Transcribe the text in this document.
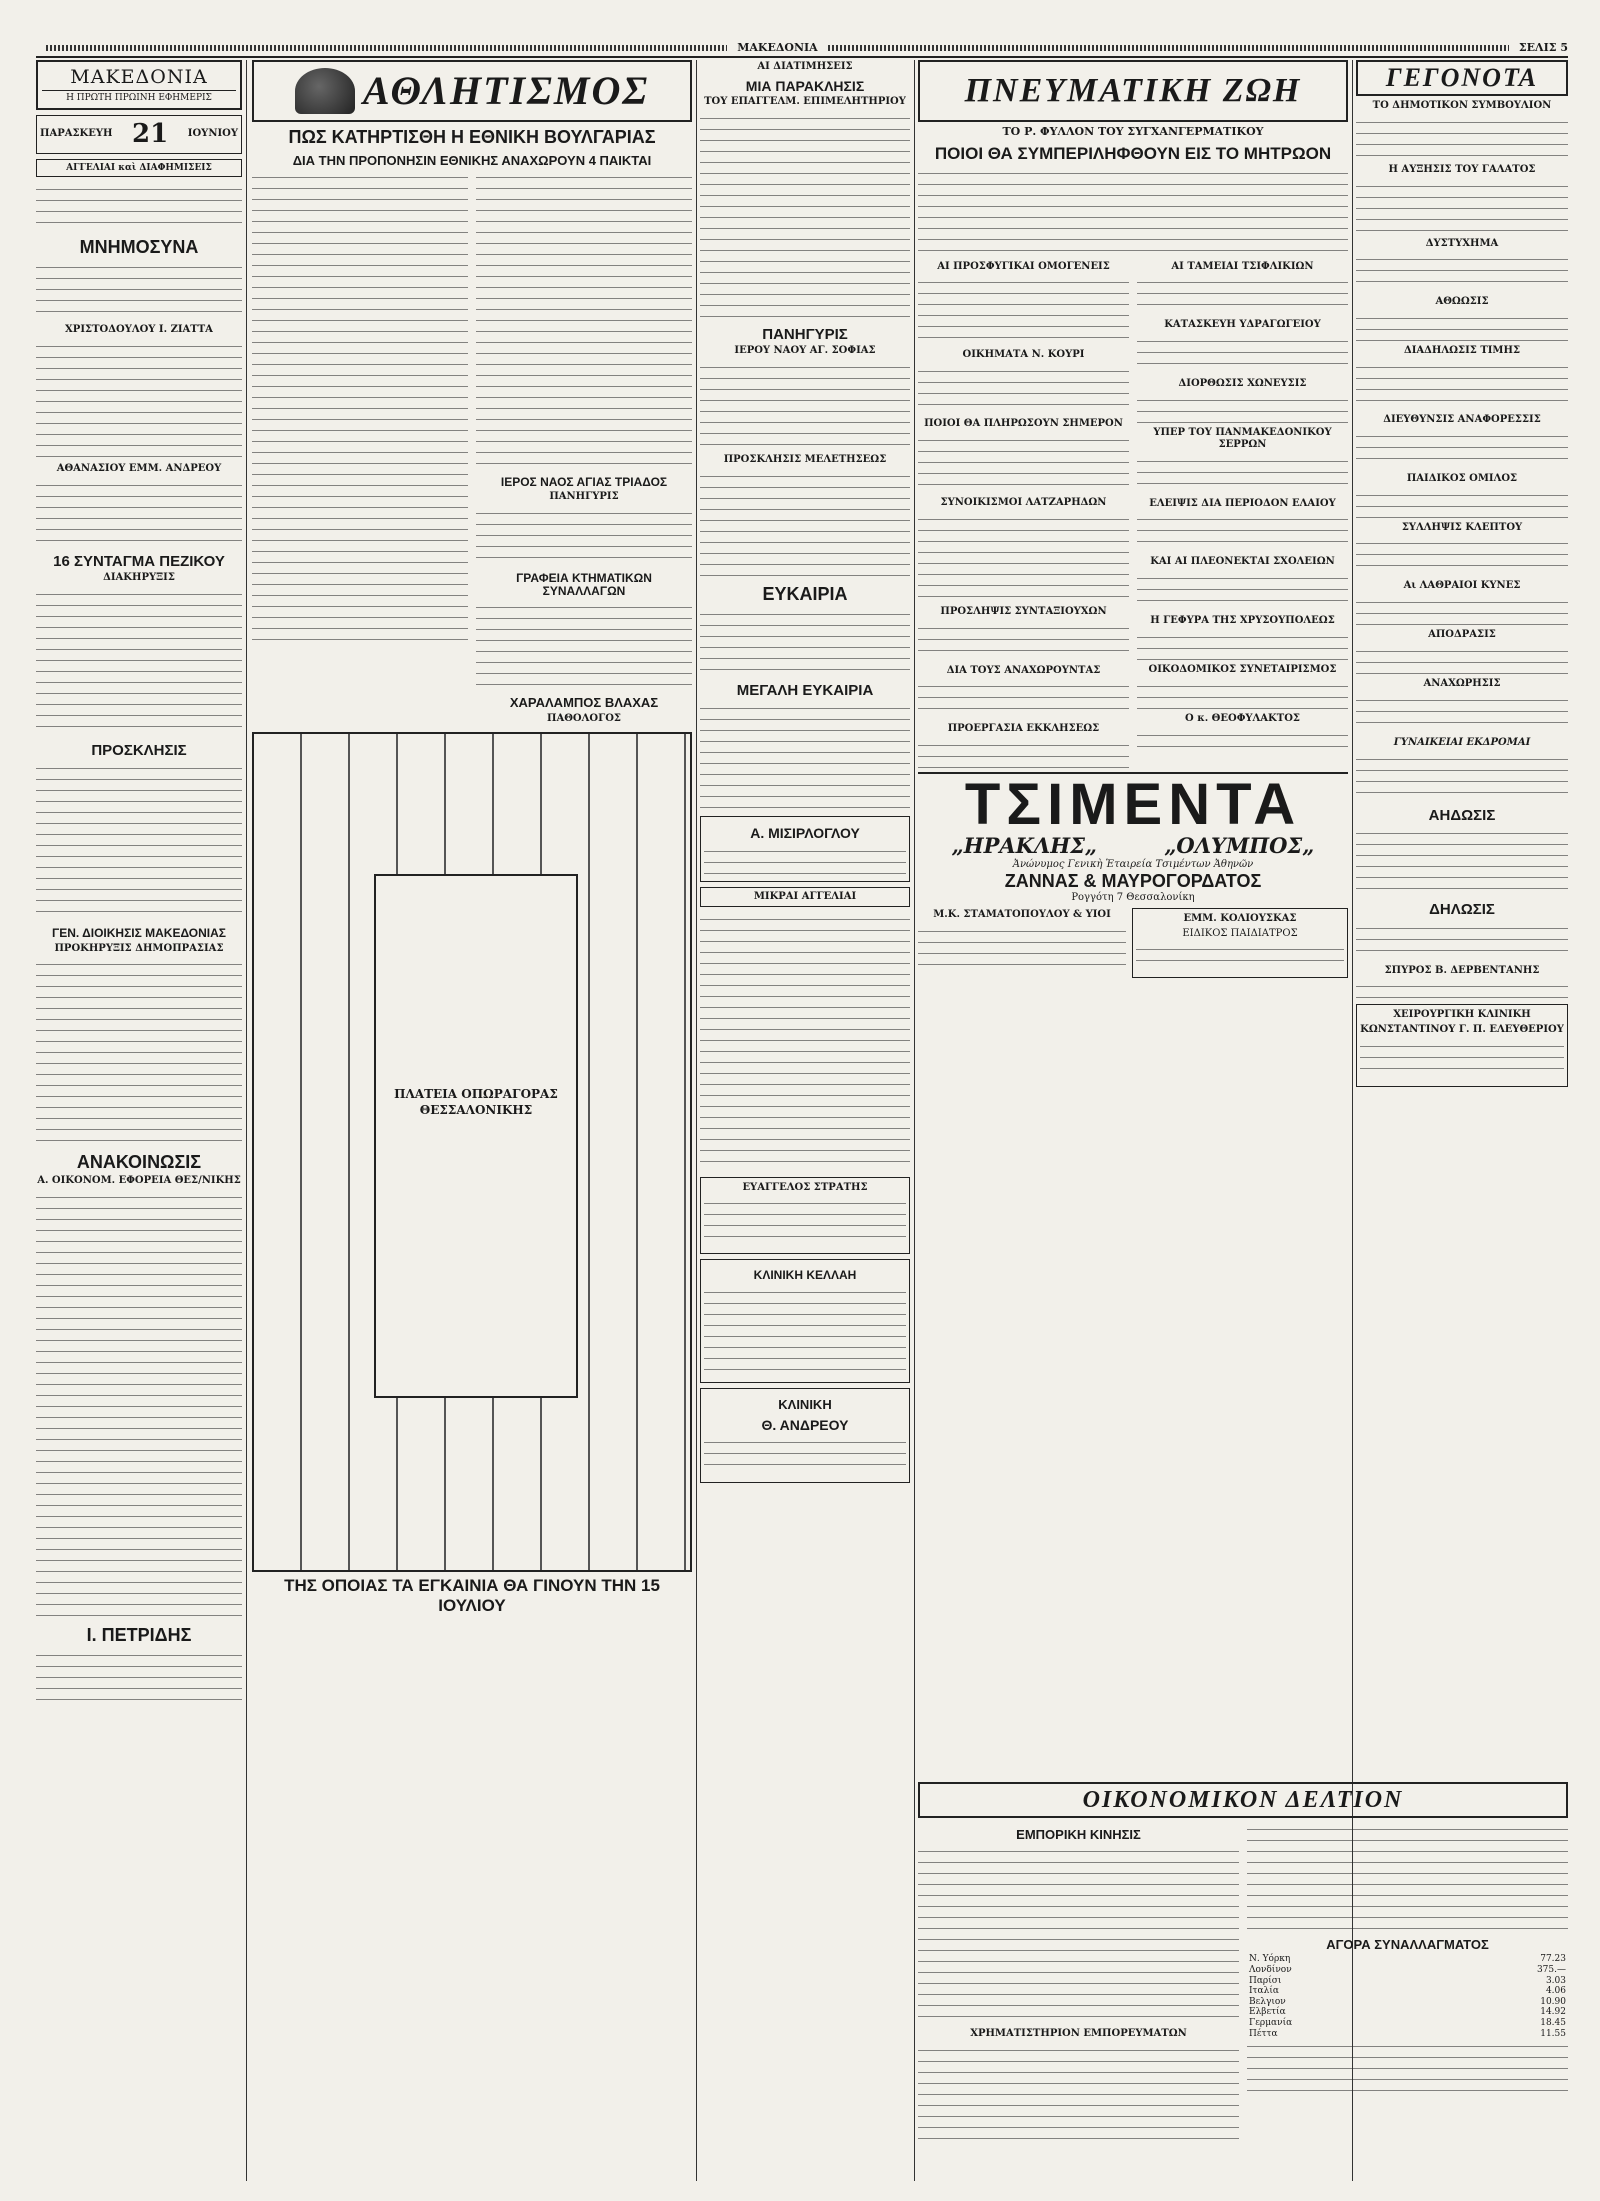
ΜΑΚΕΔΟΝΙΑ	ΣΕΛΙΣ 5
ΜΑΚΕΔΟΝΙΑ
Η ΠΡΩΤΗ ΠΡΩΙΝΗ ΕΦΗΜΕΡΙΣ
ΠΑΡΑΣΚΕΥΗ 21 ΙΟΥΝΙΟΥ
ΑΓΓΕΛΙΑΙ καὶ ΔΙΑΦΗΜΙΣΕΙΣ
ΜΝΗΜΟΣΥΝΑ
ΧΡΙΣΤΟΔΟΥΛΟΥ Ι. ΖΙΑΤΤΑ
ΑΘΑΝΑΣΙΟΥ ΕΜΜ. ΑΝΔΡΕΟΥ
16 ΣΥΝΤΑΓΜΑ ΠΕΖΙΚΟΥ
ΔΙΑΚΗΡΥΞΙΣ
ΠΡΟΣΚΛΗΣΙΣ
ΓΕΝ. ΔΙΟΙΚΗΣΙΣ ΜΑΚΕΔΟΝΙΑΣ
ΠΡΟΚΗΡΥΞΙΣ ΔΗΜΟΠΡΑΣΙΑΣ
ΑΝΑΚΟΙΝΩΣΙΣ
Α. ΟΙΚΟΝΟΜ. ΕΦΟΡΕΙΑ ΘΕΣ/ΝΙΚΗΣ
Ι. ΠΕΤΡΙΔΗΣ
ΑΘΛΗΤΙΣΜΟΣ
ΠΩΣ ΚΑΤΗΡΤΙΣΘΗ Η ΕΘΝΙΚΗ ΒΟΥΛΓΑΡΙΑΣ
ΔΙΑ ΤΗΝ ΠΡΟΠΟΝΗΣΙΝ ΕΘΝΙΚΗΣ ΑΝΑΧΩΡΟΥΝ 4 ΠΑΙΚΤΑΙ
ΙΕΡΟΣ ΝΑΟΣ ΑΓΙΑΣ ΤΡΙΑΔΟΣ
ΠΑΝΗΓΥΡΙΣ
ΓΡΑΦΕΙΑ ΚΤΗΜΑΤΙΚΩΝ ΣΥΝΑΛΛΑΓΩΝ
ΧΑΡΑΛΑΜΠΟΣ ΒΛΑΧΑΣ
ΠΑΘΟΛΟΓΟΣ
ΠΛΑΤΕΙΑ ΟΠΩΡΑΓΟΡΑΣ ΘΕΣΣΑΛΟΝΙΚΗΣ
ΤΗΣ ΟΠΟΙΑΣ ΤΑ ΕΓΚΑΙΝΙΑ ΘΑ ΓΙΝΟΥΝ ΤΗΝ 15 ΙΟΥΛΙΟΥ
ΑΙ ΔΙΑΤΙΜΗΣΕΙΣ
ΜΙΑ ΠΑΡΑΚΛΗΣΙΣ
ΤΟΥ ΕΠΑΓΓΕΛΜ. ΕΠΙΜΕΛΗΤΗΡΙΟΥ
ΠΑΝΗΓΥΡΙΣ
ΙΕΡΟΥ ΝΑΟΥ ΑΓ. ΣΟΦΙΑΣ
ΠΡΟΣΚΛΗΣΙΣ ΜΕΛΕΤΗΣΕΩΣ
ΕΥΚΑΙΡΙΑ
ΜΕΓΑΛΗ ΕΥΚΑΙΡΙΑ
Α. ΜΙΣΙΡΛΟΓΛΟΥ
ΜΙΚΡΑΙ ΑΓΓΕΛΙΑΙ
ΕΥΑΓΓΕΛΟΣ ΣΤΡΑΤΗΣ
ΚΛΙΝΙΚΗ ΚΕΛΛΑΗ
ΚΛΙΝΙΚΗ
Θ. ΑΝΔΡΕΟΥ
ΠΝΕΥΜΑΤΙΚΗ ΖΩΗ
ΤΟ Ρ. ΦΥΛΛΟΝ ΤΟΥ ΣΥΓΧΑΝΓΕΡΜΑΤΙΚΟΥ
ΠΟΙΟΙ ΘΑ ΣΥΜΠΕΡΙΛΗΦΘΟΥΝ ΕΙΣ ΤΟ ΜΗΤΡΩΟΝ
ΑΙ ΠΡΟΣΦΥΓΙΚΑΙ ΟΜΟΓΕΝΕΙΣ
ΟΙΚΗΜΑΤΑ Ν. ΚΟΥΡΙ
ΠΟΙΟΙ ΘΑ ΠΛΗΡΩΣΟΥΝ ΣΗΜΕΡΟΝ
ΣΥΝΟΙΚΙΣΜΟΙ ΛΑΤΖΑΡΗΔΩΝ
ΠΡΟΣΛΗΨΙΣ ΣΥΝΤΑΞΙΟΥΧΩΝ
ΔΙΑ ΤΟΥΣ ΑΝΑΧΩΡΟΥΝΤΑΣ
ΠΡΟΕΡΓΑΣΙΑ ΕΚΚΛΗΣΕΩΣ
ΑΙ ΤΑΜΕΙΑΙ ΤΣΙΦΛΙΚΙΩΝ
ΚΑΤΑΣΚΕΥΗ ΥΔΡΑΓΩΓΕΙΟΥ
ΔΙΟΡΘΩΣΙΣ ΧΩΝΕΥΣΙΣ
ΥΠΕΡ ΤΟΥ ΠΑΝΜΑΚΕΔΟΝΙΚΟΥ ΣΕΡΡΩΝ
ΕΛΕΙΨΙΣ ΔΙΑ ΠΕΡΙΟΔΟΝ ΕΛΑΙΟΥ
ΚΑΙ ΑΙ ΠΛΕΟΝΕΚΤΑΙ ΣΧΟΛΕΙΩΝ
Η ΓΕΦΥΡΑ ΤΗΣ ΧΡΥΣΟΥΠΟΛΕΩΣ
ΟΙΚΟΔΟΜΙΚΟΣ ΣΥΝΕΤΑΙΡΙΣΜΟΣ
Ο κ. ΘΕΟΦΥΛΑΚΤΟΣ
ΤΣΙΜΕΝΤΑ
„ΗΡΑΚΛΗΣ„	„ΟΛΥΜΠΟΣ„
Ἀνώνυμος Γενικὴ Ἑταιρεία Τσιμέντων Ἀθηνῶν
ΖΑΝΝΑΣ & ΜΑΥΡΟΓΟΡΔΑΤΟΣ
Ρογγότη 7 Θεσσαλονίκη
Μ.Κ. ΣΤΑΜΑΤΟΠΟΥΛΟΥ & ΥΙΟΙ	ΕΜΜ. ΚΟΛΙΟΥΣΚΑΣ
ΕΙΔΙΚΟΣ ΠΑΙΔΙΑΤΡΟΣ
ΓΕΓΟΝΟΤΑ
ΤΟ ΔΗΜΟΤΙΚΟΝ ΣΥΜΒΟΥΛΙΟΝ
Η ΑΥΞΗΣΙΣ ΤΟΥ ΓΑΛΑΤΟΣ
ΔΥΣΤΥΧΗΜΑ
ΑΘΩΩΣΙΣ
ΔΙΑΔΗΛΩΣΙΣ ΤΙΜΗΣ
ΔΙΕΥΘΥΝΣΙΣ ΑΝΑΦΟΡΕΣΣΙΣ
ΠΑΙΔΙΚΟΣ ΟΜΙΛΟΣ
ΣΥΛΛΗΨΙΣ ΚΛΕΠΤΟΥ
Αι ΛΑΘΡΑΙΟΙ ΚΥΝΕΣ
ΑΠΟΔΡΑΣΙΣ
ΑΝΑΧΩΡΗΣΙΣ
ΓΥΝΑΙΚΕΙΑΙ ΕΚΔΡΟΜΑΙ
ΑΗΔΩΣΙΣ
ΔΗΛΩΣΙΣ
ΣΠΥΡΟΣ Β. ΔΕΡΒΕΝΤΑΝΗΣ
ΧΕΙΡΟΥΡΓΙΚΗ ΚΛΙΝΙΚΗ
ΚΩΝΣΤΑΝΤΙΝΟΥ Γ. Π. ΕΛΕΥΘΕΡΙΟΥ
ΟΙΚΟΝΟΜΙΚΟΝ ΔΕΛΤΙΟΝ
ΕΜΠΟΡΙΚΗ ΚΙΝΗΣΙΣ
ΧΡΗΜΑΤΙΣΤΗΡΙΟΝ ΕΜΠΟΡΕΥΜΑΤΩΝ
ΑΓΟΡΑ ΣΥΝΑΛΛΑΓΜΑΤΟΣ
Ν. Υόρκη	77.23
Λονδίνον	375.—
Παρίσι	3.03
Ιταλία	4.06
Βελγιον	10.90
Ελβετία	14.92
Γερμανία	18.45
Πέττα	11.55
